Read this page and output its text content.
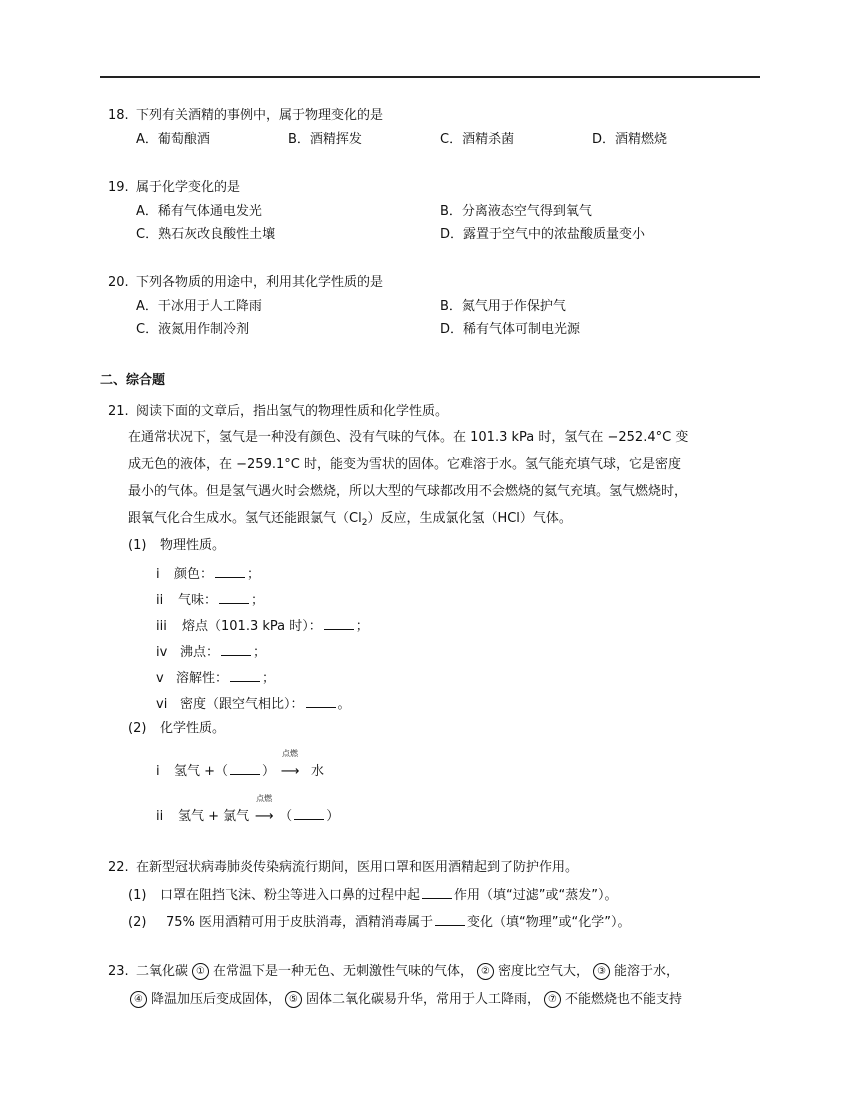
18. 下列有关酒精的事例中，属于物理变化的是
A．葡萄酿酒	B．酒精挥发	C．酒精杀菌	D．酒精燃烧
19. 属于化学变化的是
A．稀有气体通电发光	B．分离液态空气得到氧气
C．熟石灰改良酸性土壤	D．露置于空气中的浓盐酸质量变小
20. 下列各物质的用途中，利用其化学性质的是
A．干冰用于人工降雨	B．氮气用于作保护气
C．液氮用作制冷剂	D．稀有气体可制电光源
二、综合题
21. 阅读下面的文章后，指出氢气的物理性质和化学性质。
在通常状况下，氢气是一种没有颜色、没有气味的气体。在 101.3 kPa 时，氢气在 −252.4°C 变
成无色的液体，在 −259.1°C 时，能变为雪状的固体。它难溶于水。氢气能充填气球，它是密度
最小的气体。但是氢气遇火时会燃烧，所以大型的气球都改用不会燃烧的氦气充填。氢气燃烧时，
跟氧气化合生成水。氢气还能跟氯气$(Cl_2)$反应，生成氯化氢（HCl）气体。
(1) 物理性质。
i 颜色：	；
ii 气味：	；
iii 熔点（101.3 kPa 时）：	；
iv 沸点：	；
v 溶解性：	；
vi 密度（跟空气相比）：	。
(2) 化学性质。
i 氢气 +（	）
点燃
⟶ 水
ii 氢气 + 氯气
点燃
⟶ （	）
22. 在新型冠状病毒肺炎传染病流行期间，医用口罩和医用酒精起到了防护作用。
(1) 口罩在阻挡飞沫、粉尘等进入口鼻的过程中起	作用（填“过滤”或“蒸发”）。
(2) 75% 医用酒精可用于皮肤消毒，酒精消毒属于	变化（填“物理”或“化学”）。
23. 二氧化碳 ① 在常温下是一种无色、无刺激性气味的气体， ② 密度比空气大， ③ 能溶于水，
④ 降温加压后变成固体， ⑤ 固体二氧化碳易升华，常用于人工降雨， ⑦ 不能燃烧也不能支持
